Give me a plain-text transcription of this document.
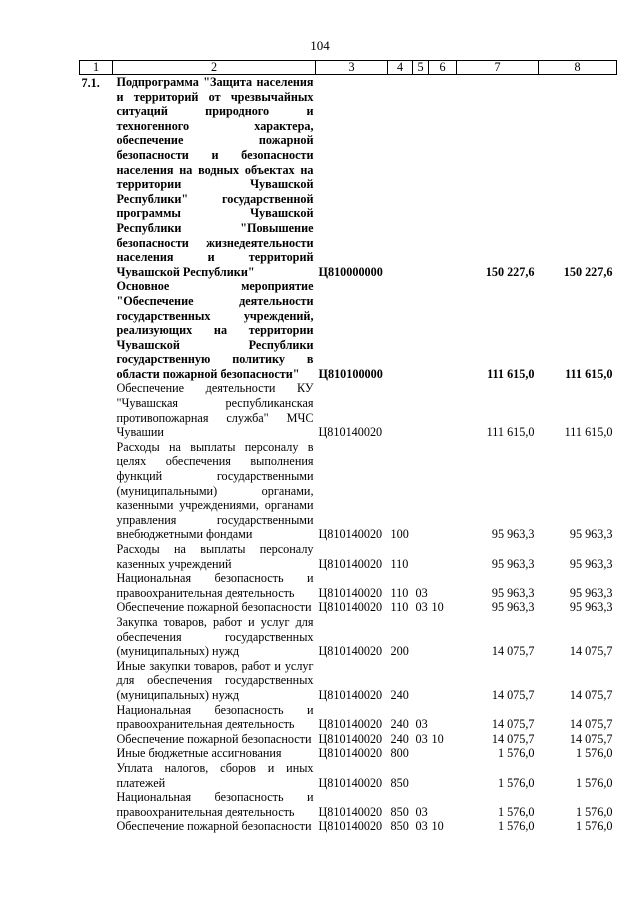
104
1	2	3	4	5	6	7	8
7.1.	Подпрограмма "Защита населения и территорий от чрезвычайных ситуаций природного и техногенного характера, обеспечение пожарной безопасности и безопасности населения на водных объектах на территории Чувашской Республики" государственной программы Чувашской Республики "Повышение безопасности жизнедеятельности населения и территорий Чувашской Республики"	Ц810000000				150 227,6	150 227,6
	Основное мероприятие "Обеспечение деятельности государственных учреждений, реализующих на территории Чувашской Республики государственную политику в области пожарной безопасности"	Ц810100000				111 615,0	111 615,0
	Обеспечение деятельности КУ "Чувашская республиканская противопожарная служба" МЧС Чувашии	Ц810140020				111 615,0	111 615,0
	Расходы на выплаты персоналу в целях обеспечения выполнения функций государственными (муниципальными) органами, казенными учреждениями, органами управления государственными внебюджетными фондами	Ц810140020	100			95 963,3	95 963,3
	Расходы на выплаты персоналу казенных учреждений	Ц810140020	110			95 963,3	95 963,3
	Национальная безопасность и правоохранительная деятельность	Ц810140020	110	03		95 963,3	95 963,3
	Обеспечение пожарной безопасности	Ц810140020	110	03	10	95 963,3	95 963,3
	Закупка товаров, работ и услуг для обеспечения государственных (муниципальных) нужд	Ц810140020	200			14 075,7	14 075,7
	Иные закупки товаров, работ и услуг для обеспечения государственных (муниципальных) нужд	Ц810140020	240			14 075,7	14 075,7
	Национальная безопасность и правоохранительная деятельность	Ц810140020	240	03		14 075,7	14 075,7
	Обеспечение пожарной безопасности	Ц810140020	240	03	10	14 075,7	14 075,7
	Иные бюджетные ассигнования	Ц810140020	800			1 576,0	1 576,0
	Уплата налогов, сборов и иных платежей	Ц810140020	850			1 576,0	1 576,0
	Национальная безопасность и правоохранительная деятельность	Ц810140020	850	03		1 576,0	1 576,0
	Обеспечение пожарной безопасности	Ц810140020	850	03	10	1 576,0	1 576,0
